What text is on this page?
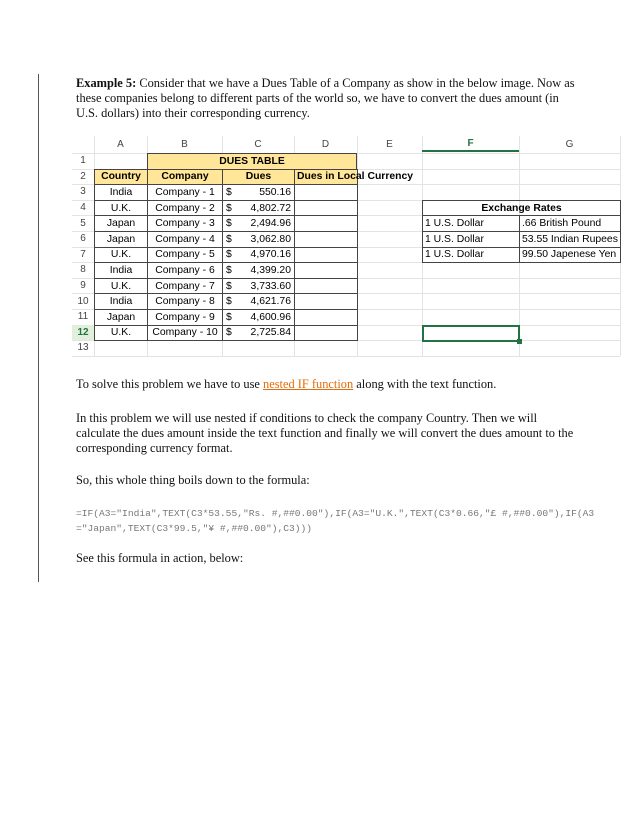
Example 5: Consider that we have a Dues Table of a Company as show in the below image. Now as these companies belong to different parts of the world so, we have to convert the dues amount (in U.S. dollars) into their corresponding currency.

A	B	C	D	E	F	G
1
2
3
4
5
6
7
8
9
10
11
12
13
DUES TABLE
Country	Company	Dues	Dues in Local Currency
India	Company - 1	$	550.16
U.K.	Company - 2	$ 4,802.72
Japan	Company - 3	$ 2,494.96
Japan	Company - 4	$ 3,062.80
U.K.	Company - 5	$ 4,970.16
India	Company - 6	$ 4,399.20
U.K.	Company - 7	$ 3,733.60
India	Company - 8	$ 4,621.76
Japan	Company - 9	$ 4,600.96
U.K.	Company - 10 $ 2,725.84
Exchange Rates
1 U.S. Dollar	.66 British Pound
1 U.S. Dollar	53.55 Indian Rupees
1 U.S. Dollar	99.50 Japenese Yen

To solve this problem we have to use nested IF function along with the text function.

In this problem we will use nested if conditions to check the company Country. Then we will calculate the dues amount inside the text function and finally we will convert the dues amount to the corresponding currency format.

So, this whole thing boils down to the formula:

=IF(A3="India",TEXT(C3*53.55,"Rs. #,##0.00"),IF(A3="U.K.",TEXT(C3*0.66,"£ #,##0.00"),IF(A3="Japan",TEXT(C3*99.5,"¥ #,##0.00"),C3)))

See this formula in action, below:
